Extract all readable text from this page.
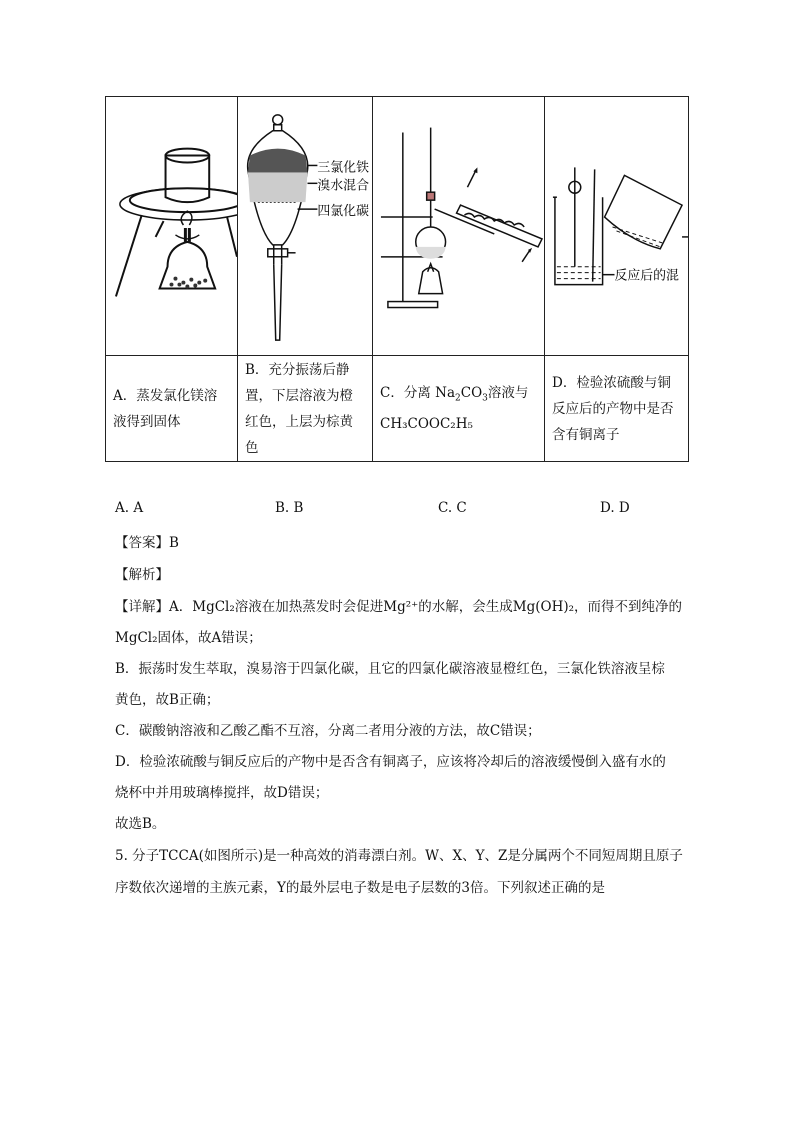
三氯化铁
溴水混合
四氯化碳		反应后的混

A．蒸发氯化镁溶液得到固体	B．充分振荡后静置，下层溶液为橙红色，上层为棕黄色	C．分离 $Na_2CO_3$溶液与
CH₃COOC₂H₅	D．检验浓硫酸与铜反应后的产物中是否含有铜离子
A. A	B. B	C. C	D. D
【答案】B
【解析】
【详解】A．MgCl₂溶液在加热蒸发时会促进Mg²⁺的水解，会生成Mg(OH)₂，而得不到纯净的
MgCl₂固体，故A错误；
B．振荡时发生萃取，溴易溶于四氯化碳，且它的四氯化碳溶液显橙红色，三氯化铁溶液呈棕
黄色，故B正确；
C．碳酸钠溶液和乙酸乙酯不互溶，分离二者用分液的方法，故C错误；
D．检验浓硫酸与铜反应后的产物中是否含有铜离子，应该将冷却后的溶液缓慢倒入盛有水的
烧杯中并用玻璃棒搅拌，故D错误；
故选B。
5. 分子TCCA(如图所示)是一种高效的消毒漂白剂。W、X、Y、Z是分属两个不同短周期且原子
序数依次递增的主族元素，Y的最外层电子数是电子层数的3倍。下列叙述正确的是
